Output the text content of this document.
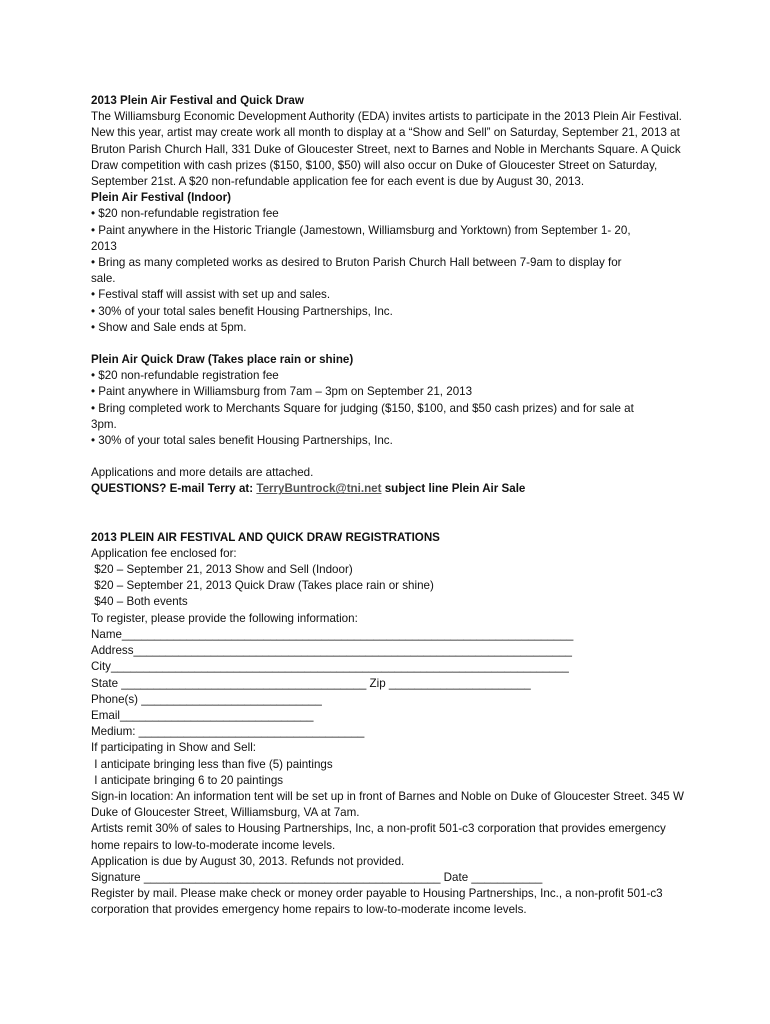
2013 Plein Air Festival and Quick Draw

The Williamsburg Economic Development Authority (EDA) invites artists to participate in the 2013 Plein Air Festival. New this year, artist may create work all month to display at a “Show and Sell” on Saturday, September 21, 2013 at Bruton Parish Church Hall, 331 Duke of Gloucester Street, next to Barnes and Noble in Merchants Square. A Quick Draw competition with cash prizes ($150, $100, $50) will also occur on Duke of Gloucester Street on Saturday, September 21st. A $20 non-refundable application fee for each event is due by August 30, 2013.

Plein Air Festival (Indoor)
• $20 non-refundable registration fee
• Paint anywhere in the Historic Triangle (Jamestown, Williamsburg and Yorktown) from September 1- 20,
2013
• Bring as many completed works as desired to Bruton Parish Church Hall between 7-9am to display for
sale.
• Festival staff will assist with set up and sales.
• 30% of your total sales benefit Housing Partnerships, Inc.
• Show and Sale ends at 5pm.
Plein Air Quick Draw (Takes place rain or shine)
• $20 non-refundable registration fee
• Paint anywhere in Williamsburg from 7am – 3pm on September 21, 2013
• Bring completed work to Merchants Square for judging ($150, $100, and $50 cash prizes) and for sale at
3pm.
• 30% of your total sales benefit Housing Partnerships, Inc.
Applications and more details are attached.
QUESTIONS? E-mail Terry at: TerryBuntrock@tni.net subject line Plein Air Sale
2013 PLEIN AIR FESTIVAL AND QUICK DRAW REGISTRATIONS
Application fee enclosed for:
$20 – September 21, 2013 Show and Sell (Indoor)
$20 – September 21, 2013 Quick Draw (Takes place rain or shine)
$40 – Both events
To register, please provide the following information:
Name______________________________________________________________________
Address____________________________________________________________________
City_______________________________________________________________________
State ______________________________________ Zip ______________________
Phone(s) ____________________________
Email______________________________
Medium: ___________________________________
If participating in Show and Sell:
I anticipate bringing less than five (5) paintings
I anticipate bringing 6 to 20 paintings

Sign-in location: An information tent will be set up in front of Barnes and Noble on Duke of Gloucester Street. 345 W Duke of Gloucester Street, Williamsburg, VA at 7am.

Artists remit 30% of sales to Housing Partnerships, Inc, a non-profit 501-c3 corporation that provides emergency home repairs to low-to-moderate income levels.

Application is due by August 30, 2013. Refunds not provided.
Signature ______________________________________________ Date ___________

Register by mail. Please make check or money order payable to Housing Partnerships, Inc., a non-profit 501-c3 corporation that provides emergency home repairs to low-to-moderate income levels.
